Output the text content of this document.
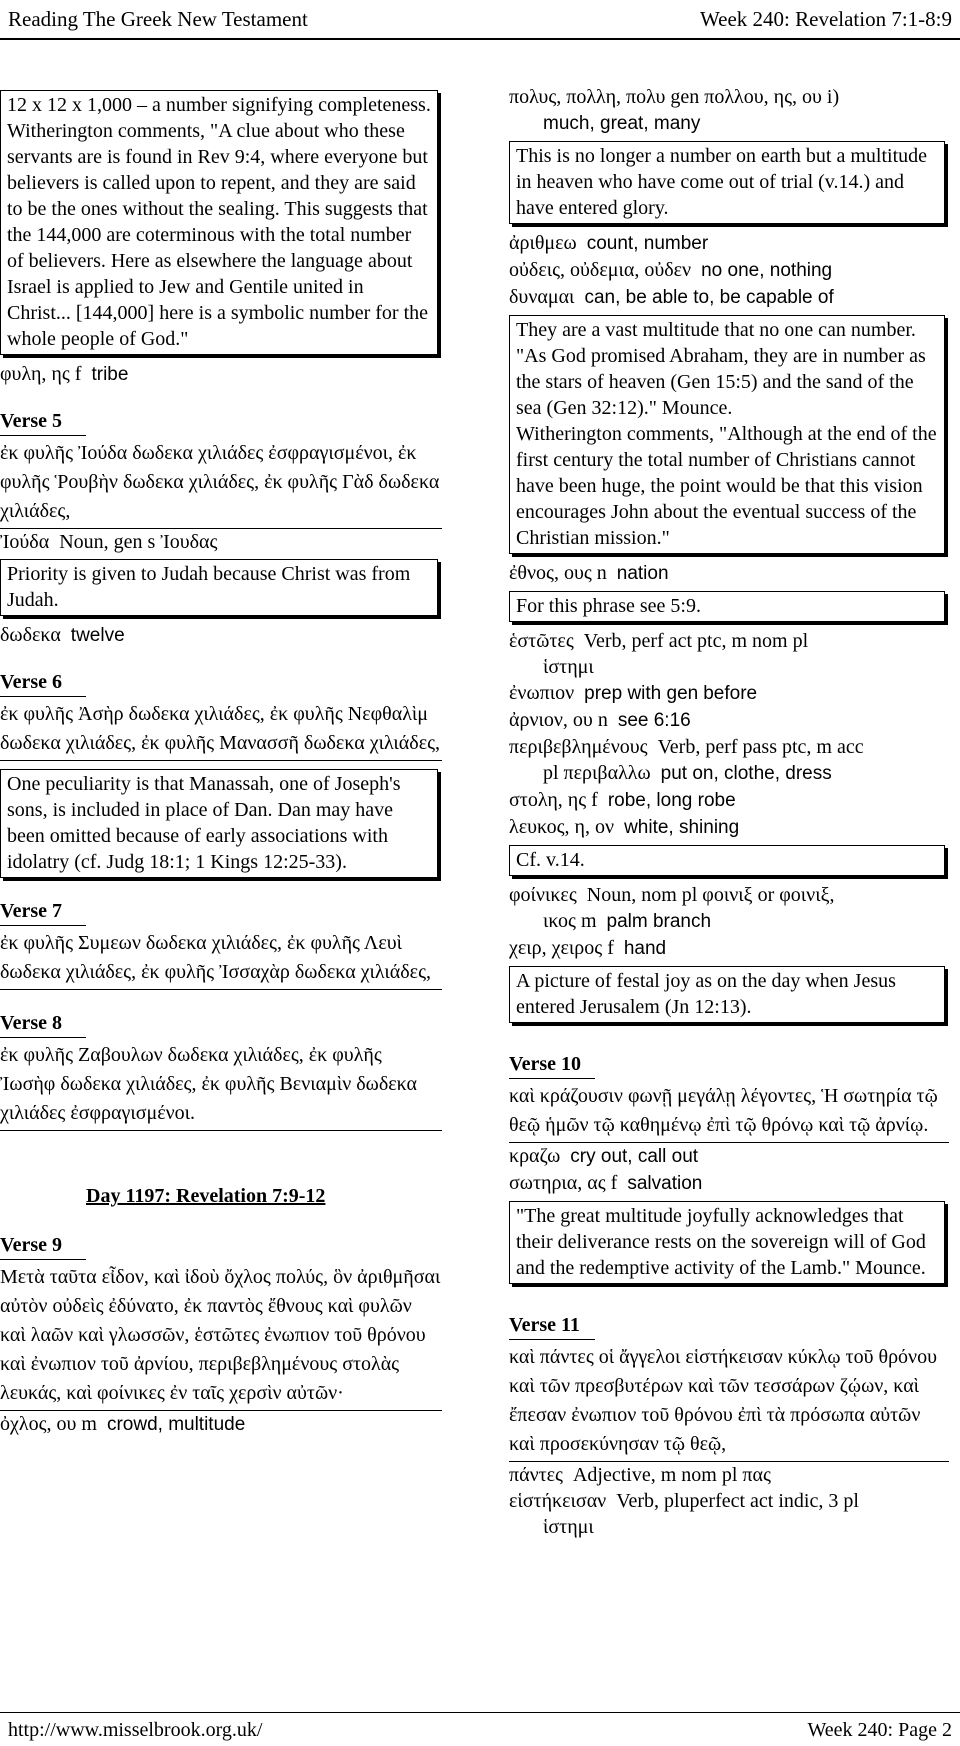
Reading The Greek New Testament	Week 240: Revelation 7:1-8:9
12 x 12 x 1,000 – a number signifying completeness. Witherington comments, "A clue about who these servants are is found in Rev 9:4, where everyone but believers is called upon to repent, and they are said to be the ones without the sealing. This suggests that the 144,000 are coterminous with the total number of believers. Here as elsewhere the language about Israel is applied to Jew and Gentile united in Christ... [144,000] here is a symbolic number for the whole people of God."
φυλη, ης f tribe
Verse 5
ἐκ φυλῆς Ἰούδα δωδεκα χιλιάδες ἐσφραγισμένοι, ἐκ φυλῆς Ῥουβὴν δωδεκα χιλιάδες, ἐκ φυλῆς Γὰδ δωδεκα χιλιάδες,
Ἰούδα Noun, gen s Ἰουδας
Priority is given to Judah because Christ was from Judah.
δωδεκα twelve
Verse 6
ἐκ φυλῆς Ἀσὴρ δωδεκα χιλιάδες, ἐκ φυλῆς Νεφθαλὶμ δωδεκα χιλιάδες, ἐκ φυλῆς Μανασσῆ δωδεκα χιλιάδες,
One peculiarity is that Manassah, one of Joseph's sons, is included in place of Dan. Dan may have been omitted because of early associations with idolatry (cf. Judg 18:1; 1 Kings 12:25-33).
Verse 7
ἐκ φυλῆς Συμεων δωδεκα χιλιάδες, ἐκ φυλῆς Λευὶ δωδεκα χιλιάδες, ἐκ φυλῆς Ἰσσαχὰρ δωδεκα χιλιάδες,
Verse 8
ἐκ φυλῆς Ζαβουλων δωδεκα χιλιάδες, ἐκ φυλῆς Ἰωσὴφ δωδεκα χιλιάδες, ἐκ φυλῆς Βενιαμὶν δωδεκα χιλιάδες ἐσφραγισμένοι.
Day 1197: Revelation 7:9-12
Verse 9
Μετὰ ταῦτα εἶδον, καὶ ἰδοὺ ὄχλος πολύς, ὃν ἀριθμῆσαι αὐτὸν οὐδεὶς ἐδύνατο, ἐκ παντὸς ἔθνους καὶ φυλῶν καὶ λαῶν καὶ γλωσσῶν, ἑστῶτες ἐνωπιον τοῦ θρόνου καὶ ἐνωπιον τοῦ ἀρνίου, περιβεβλημένους στολὰς λευκάς, καὶ φοίνικες ἐν ταῖς χερσὶν αὐτῶν·
ὀχλος, ου m crowd, multitude
πολυς, πολλη, πολυ gen πολλου, ης, ου i)
much, great, many
This is no longer a number on earth but a multitude in heaven who have come out of trial (v.14.) and have entered glory.
ἀριθμεω count, number
οὐδεις, οὐδεμια, οὐδεν no one, nothing
δυναμαι can, be able to, be capable of
They are a vast multitude that no one can number. "As God promised Abraham, they are in number as the stars of heaven (Gen 15:5) and the sand of the sea (Gen 32:12)." Mounce.
Witherington comments, "Although at the end of the first century the total number of Christians cannot have been huge, the point would be that this vision encourages John about the eventual success of the Christian mission."
ἐθνος, ους n nation
For this phrase see 5:9.
ἑστῶτες Verb, perf act ptc, m nom pl
ἱστημι
ἐνωπιον prep with gen before
ἀρνιον, ου n see 6:16
περιβεβλημένους Verb, perf pass ptc, m acc
pl περιβαλλω put on, clothe, dress
στολη, ης f robe, long robe
λευκος, η, ον white, shining
Cf. v.14.
φοίνικες Noun, nom pl φοινιξ or φοινιξ,
ικος m palm branch
χειρ, χειρος f hand
A picture of festal joy as on the day when Jesus entered Jerusalem (Jn 12:13).
Verse 10
καὶ κράζουσιν φωνῇ μεγάλῃ λέγοντες, Ἡ σωτηρία τῷ θεῷ ἡμῶν τῷ καθημένῳ ἐπὶ τῷ θρόνῳ καὶ τῷ ἀρνίῳ.
κραζω cry out, call out
σωτηρια, ας f salvation
"The great multitude joyfully acknowledges that their deliverance rests on the sovereign will of God and the redemptive activity of the Lamb." Mounce.
Verse 11
καὶ πάντες οἱ ἄγγελοι εἱστήκεισαν κύκλῳ τοῦ θρόνου καὶ τῶν πρεσβυτέρων καὶ τῶν τεσσάρων ζῴων, καὶ ἔπεσαν ἐνωπιον τοῦ θρόνου ἐπὶ τὰ πρόσωπα αὐτῶν καὶ προσεκύνησαν τῷ θεῷ,
πάντες Adjective, m nom pl πας
εἱστήκεισαν Verb, pluperfect act indic, 3 pl
ἱστημι
http://www.misselbrook.org.uk/	Week 240: Page 2
